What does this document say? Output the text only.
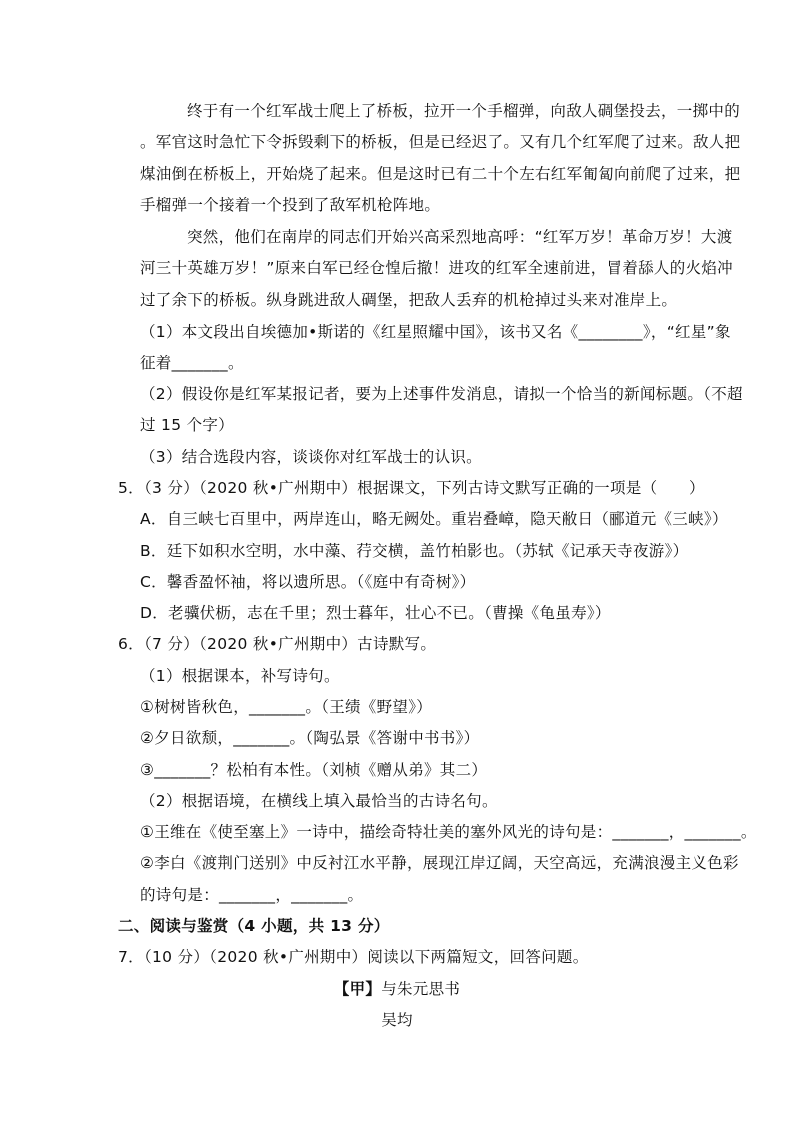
终于有一个红军战士爬上了桥板，拉开一个手榴弹，向敌人碉堡投去，一掷中的
。军官这时急忙下令拆毁剩下的桥板，但是已经迟了。又有几个红军爬了过来。敌人把
煤油倒在桥板上，开始烧了起来。但是这时已有二十个左右红军匍匐向前爬了过来，把
手榴弹一个接着一个投到了敌军机枪阵地。
突然，他们在南岸的同志们开始兴高采烈地高呼：“红军万岁！革命万岁！大渡
河三十英雄万岁！”原来白军已经仓惶后撤！进攻的红军全速前进，冒着舔人的火焰冲
过了余下的桥板。纵身跳进敌人碉堡，把敌人丢弃的机枪掉过头来对准岸上。
（1）本文段出自埃德加•斯诺的《红星照耀中国》，该书又名《________》，“红星”象
征着_______。
（2）假设你是红军某报记者，要为上述事件发消息，请拟一个恰当的新闻标题。（不超
过 15 个字）
（3）结合选段内容，谈谈你对红军战士的认识。
5．（3 分）（2020 秋•广州期中）根据课文，下列古诗文默写正确的一项是（　　）
A．自三峡七百里中，两岸连山，略无阙处。重岩叠嶂，隐天敝日（郦道元《三峡》）
B．廷下如积水空明，水中藻、荇交横，盖竹柏影也。（苏轼《记承天寺夜游》）
C．馨香盈怀袖，将以遗所思。（《庭中有奇树》）
D．老骥伏枥，志在千里；烈士暮年，壮心不已。（曹操《龟虽寿》）
6．（7 分）（2020 秋•广州期中）古诗默写。
（1）根据课本，补写诗句。
①树树皆秋色，_______。（王绩《野望》）
②夕日欲颓，_______。（陶弘景《答谢中书书》）
③_______？松柏有本性。（刘桢《赠从弟》其二）
（2）根据语境，在横线上填入最恰当的古诗名句。
①王维在《使至塞上》一诗中，描绘奇特壮美的塞外风光的诗句是：_______，_______。
②李白《渡荆门送别》中反衬江水平静，展现江岸辽阔，天空高远，充满浪漫主义色彩
的诗句是：_______，_______。
二、阅读与鉴赏（4 小题，共 13 分）
7．（10 分）（2020 秋•广州期中）阅读以下两篇短文，回答问题。
【甲】与朱元思书
吴均
